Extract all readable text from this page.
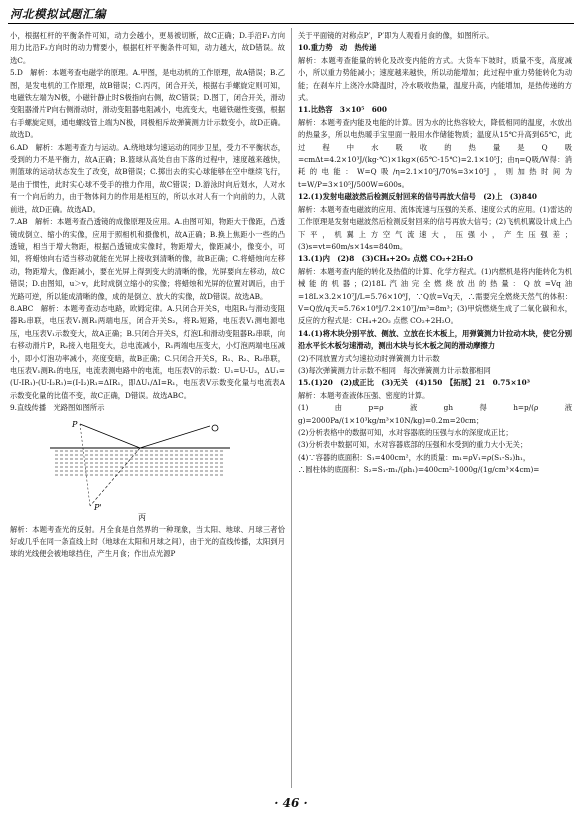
河北模拟试题汇编

小，根据杠杆的平衡条件可知，动力会越小，更易被切断，故C正确；D.手沿F₁方向用力比沿F₂方向时的动力臂要小，根据杠杆平衡条件可知，动力越大，故D错误。故选C。

5.D　解析：本题考查电磁学的原理。A.甲图，是电动机的工作原理，故A错误；B.乙图，是发电机的工作原理，故B错误；C.丙丙，闭合开关，根据右手螺旋定则可知，电磁铁左端为N极，小磁针静止时S极指向右侧，故C错误；D.图丁，闭合开关，滑动变阻器滑片P向右侧滑动时，滑动变阻器电阻减小，电流变大，电磁铁磁性变强，根据右手螺旋定则，通电螺线管上端为N极，同极相斥故弹簧测力计示数变小，故D正确。故选D。

6.AD　解析：本题考查力与运动。A.绕地球匀速运动的同步卫星，受力不平衡状态，受到的力不是平衡力，故A正确；B.篮球从高处自由下落的过程中，速度越来越快，则篮球的运动状态发生了改变，故B错误；C.掷出去的实心球能够在空中继续飞行，是由于惯性，此时实心球不受手的推力作用，故C错误；D.游泳时向后划水，人对水有一个向后的力，由于物体间力的作用是相互的，所以水对人有一个向前的力，人就前进，故D正确。故选AD。

7.AB　解析：本题考查凸透镜的成像原理及应用。A.由图可知，物距大于像距，凸透镜成倒立、缩小的实像，应用于照相机和摄像机，故A正确；B.换上焦距小一些的凸透镜，相当于增大物距，根据凸透镜成实像时，物距增大，像距减小，像变小，可知，将蜡烛向右适当移动就能在光屏上接收到清晰的像，故B正确；C.将蜡烛向左移动，物距增大，像距减小，要在光屏上得到变大的清晰的像，光屏要向左移动，故C错误；D.由图知，u＞v，此时成倒立缩小的实像；将蜡烛和光屏的位置对调后，由于光路可逆，所以能成清晰的像，成的是倒立、放大的实像，故D错误。故选AB。

8.ABC　解析：本题考查动态电路，欧姆定律。A.只闭合开关S，电阻R₁与滑动变阻器R₂串联，电压表V₁测R₁两端电压，闭合开关S₂，将R₂短路，电压表V₁测电源电压，电压表V₁示数变大，故A正确；B.只闭合开关S，灯泡L和滑动变阻器R₂串联，向右移动滑片P，R₂接入电阻变大，总电流减小，R₁两端电压变大，小灯泡两端电压减小，即小灯泡功率减小，亮度变暗，故B正确；C.只闭合开关S，R₁、R₂、R₃串联，电压表V₁测R₁的电压，电流表测电路中的电流，电压表V的示数：U₁=U-U₂，ΔU₁=(U-IR₁)-(U-I₂R₁)=(I-I₂)R₁=ΔIR₁，即ΔU₁/ΔI=R₁，电压表V示数变化量与电流表A示数变化量的比值不变，故C正确，D错误。故选ABC。

9.直线传播　光路图如图所示

P
P'
丙

解析：本题考查光的反射。月全食是自然界的一种现象，当太阳、地球、月球三者恰好或几乎在同一条直线上时（地球在太阳和月球之间），由于光的直线传播，太阳到月球的光线便会被地球挡住，产生月食；作出点光源P

关于平面镜的对称点P′，P′即为人观看月食的像，如图所示。

10.重力势　动　热传递

解析：本题考查能量的转化及改变内能的方式。大货车下坡时，质量不变，高度减小，所以重力势能减小；速度越来越快，所以动能增加；此过程中重力势能转化为动能；在刹车片上浇冷水降温时，冷水吸收热量，温度升高，内能增加，是热传递的方式。

11.比热容　3×10⁵　600

解析：本题考查内能及电能的计算。因为水的比热容较大，降低相同的温度，水放出的热量多，所以电热暖手宝里面一般用水作储能物质；温度从15℃升高到65℃，此过程中水吸收的热量是Q吸=cmΔt=4.2×10³J/(kg·℃)×1kg×(65℃-15℃)=2.1×10⁵J；由η=Q吸/W得：消耗的电能：W=Q吸/η=2.1×10⁵J/70%=3×10⁵J，则加热时间为t=W/P=3×10⁵J/500W=600s。

12.(1)发射电磁波然后检测反射回来的信号再放大信号　(2)上　(3)840

解析：本题考查电磁波的应用、流体流速与压强的关系、速度公式的应用。(1)雷达的工作原理是发射电磁波然后检测反射回来的信号再放大信号；(2)飞机机翼设计成上凸下平，机翼上方空气流速大，压强小，产生压强差；(3)s=vt=60m/s×14s=840m。

13.(1)内　(2)8　(3)CH₄+2O₂ 点燃 CO₂+2H₂O

解析：本题考查内能的转化及热值的计算、化学方程式。(1)内燃机是将内能转化为机械能的机器；(2)18L汽油完全燃烧放出的热量：Q放=Vq油=18L×3.2×10⁷J/L=5.76×10⁸J，∵Q放=Vq天，∴需要完全燃烧天然气的体积：V=Q放/q天=5.76×10⁸J/7.2×10⁷J/m³=8m³；(3)甲烷燃烧生成了二氧化碳和水，反应的方程式是：CH₄+2O₂ 点燃 CO₂+2H₂O。

14.(1)将木块分别平放、侧放、立放在长木板上，用弹簧测力计拉动木块，使它分别沿水平长木板匀速滑动，测出木块与长木板之间的滑动摩擦力

(2)不同放置方式匀速拉动时弹簧测力计示数

(3)每次弹簧测力计示数不相同　每次弹簧测力计示数都相同

15.(1)20　(2)成正比　(3)无关　(4)150　【拓展】21　0.75×10³

解析：本题考查液体压强、密度的计算。

(1)由p=ρ液gh得h=p/(ρ液g)=2000Pa/(1×10³kg/m³×10N/kg)=0.2m=20cm；

(2)分析表格中的数据可知，水对容器底的压强与水的深度成正比；

(3)分析表中数据可知，水对容器底部的压强和水受到的重力大小无关；

(4)∵容器的底面积：S₁=400cm²，水的质量：m₁=ρV₁=ρ(S₁-S₂)h₁，

∴圆柱体的底面积：S₂=S₁-m₁/(ρh₁)=400cm²-1000g/(1g/cm³×4cm)=

· 46 ·
